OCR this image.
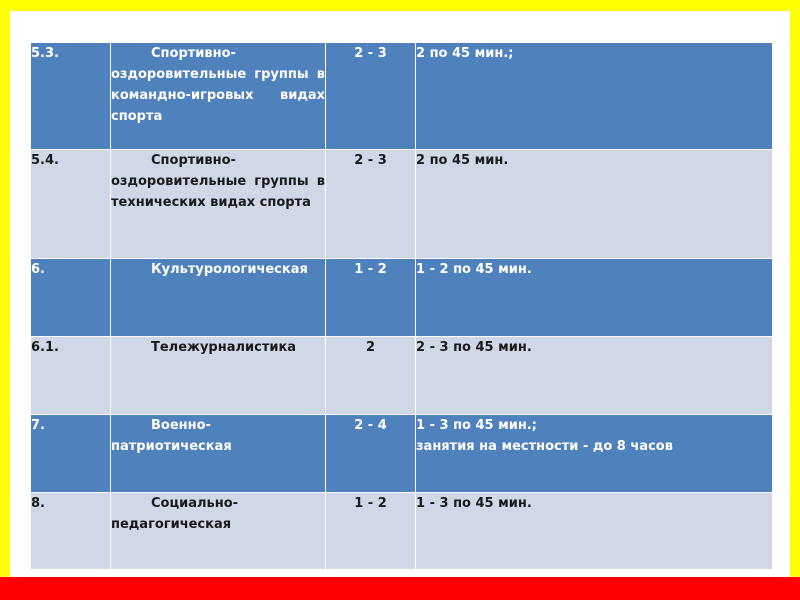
5.3.	Спортивно-оздоровительные группы в командно-игровых видах спорта	2 - 3	2 по 45 мин.;

5.4.	Спортивно-оздоровительные группы в технических видах спорта	2 - 3	2 по 45 мин.

6.	Культурологическая	1 - 2	1 - 2 по 45 мин.

6.1.	Тележурналистика	2	2 - 3 по 45 мин.

7.	Военно-патриотическая	2 - 4	1 - 3 по 45 мин.;
занятия на местности - до 8 часов

8.	Социально-педагогическая	1 - 2	1 - 3 по 45 мин.
